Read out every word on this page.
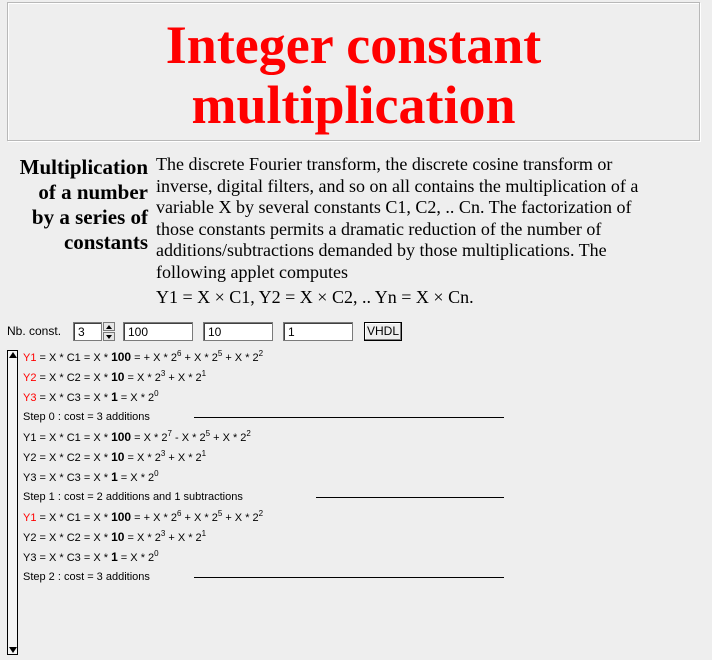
Integer constant
multiplication
Multiplication
of a number
by a series of
constants
The discrete Fourier transform, the discrete cosine transform or
inverse, digital filters, and so on all contains the multiplication of a
variable X by several constants C1, C2, .. Cn. The factorization of
those constants permits a dramatic reduction of the number of
additions/subtractions demanded by those multiplications. The
following applet computes
Y1 = X × C1, Y2 = X × C2, .. Yn = X × Cn.
Nb. const.	3	100	10	1	VHDL
Y1 = X * C1 = X * 100 = + $X * 2^6 + X * 2^5 + X * 2^2$
$Y2 = X * C2 = X * 10 = X * 2^3 + X * 2^1$
$Y3 = X * C3 = X * 1 = X * 2^0$
Step 0 : cost = 3 additions
$Y1 = X * C1 = X * 100 = X * 2^7 - X * 2^5 + X * 2^2$
$Y2 = X * C2 = X * 10 = X * 2^3 + X * 2^1$
$Y3 = X * C3 = X * 1 = X * 2^0$
Step 1 : cost = 2 additions and 1 subtractions
Y1 = X * C1 = X * 100 = + $X * 2^6 + X * 2^5 + X * 2^2$
$Y2 = X * C2 = X * 10 = X * 2^3 + X * 2^1$
$Y3 = X * C3 = X * 1 = X * 2^0$
Step 2 : cost = 3 additions
